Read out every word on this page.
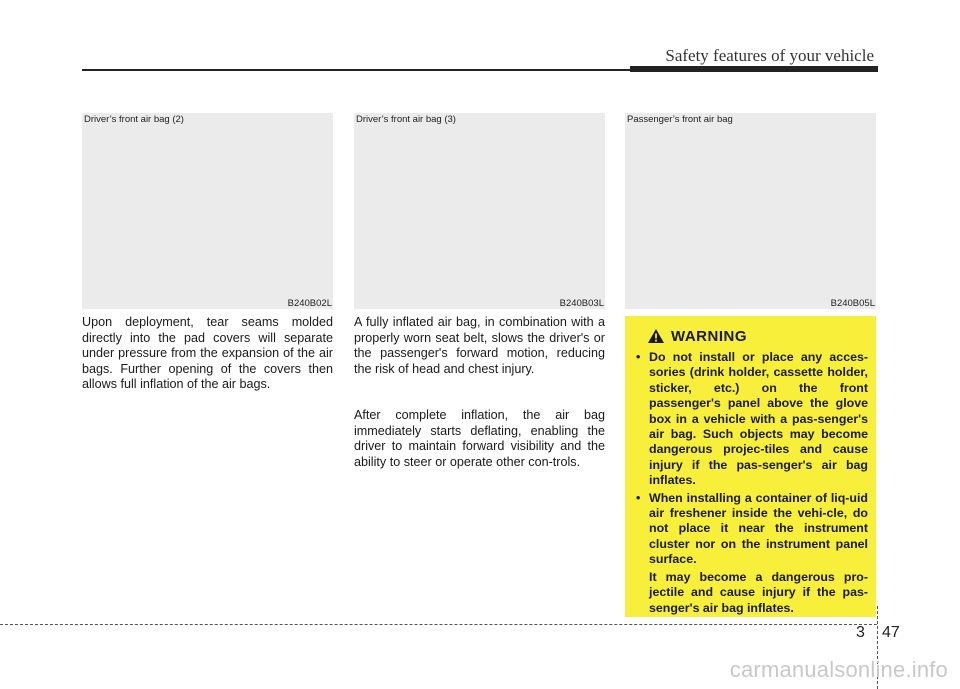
Safety features of your vehicle
Driver’s front air bag (2)
B240B02L
Driver’s front air bag (3)
B240B03L
Passenger’s front air bag
B240B05L

Upon deployment, tear seams molded directly into the pad covers will separate under pressure from the expansion of the air bags. Further opening of the covers then allows full inflation of the air bags.

A fully inflated air bag, in combination with a properly worn seat belt, slows the driver's or the passenger's forward motion, reducing the risk of head and chest injury.

After complete inflation, the air bag immediately starts deflating, enabling the driver to maintain forward visibility and the ability to steer or operate other con-trols.

WARNING
• Do not install or place any acces-sories (drink holder, cassette holder, sticker, etc.) on the front passenger's panel above the glove box in a vehicle with a pas-senger's air bag. Such objects may become dangerous projec-tiles and cause injury if the pas-senger's air bag inflates.

• When installing a container of liq-uid air freshener inside the vehi-cle, do not place it near the instrument cluster nor on the instrument panel surface.

It may become a dangerous pro-jectile and cause injury if the pas-senger's air bag inflates.

3 47
carmanualsonline.info
